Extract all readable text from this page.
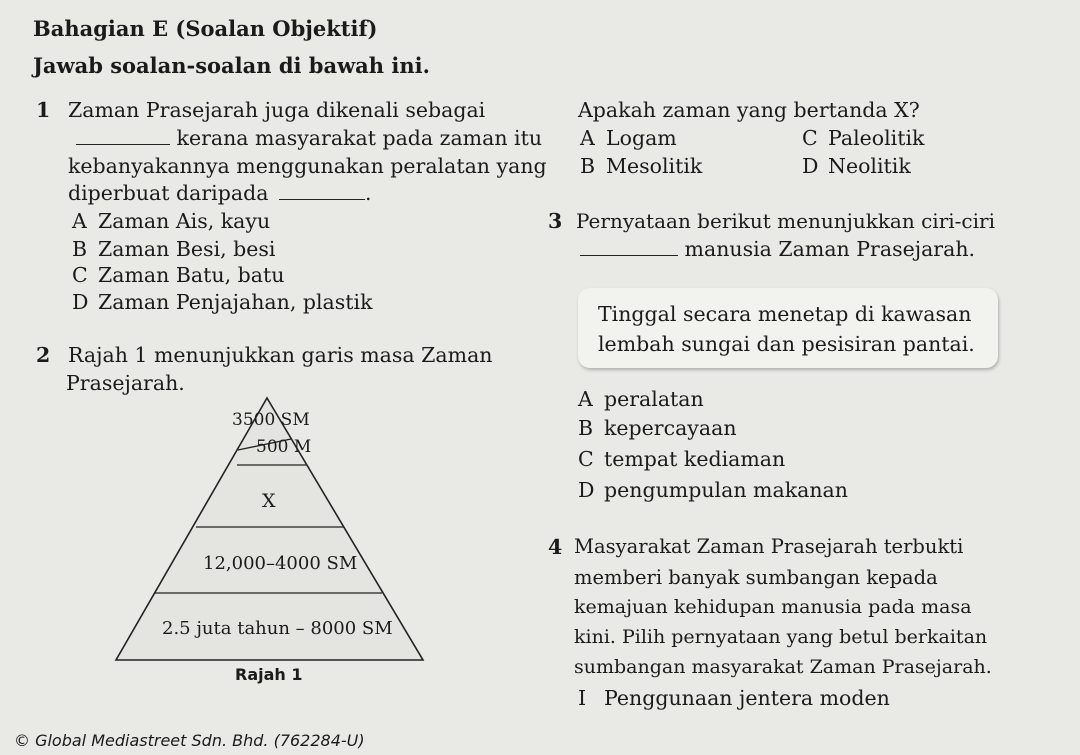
Bahagian E (Soalan Objektif)
Jawab soalan-soalan di bawah ini.
1 Zaman Prasejarah juga dikenali sebagai
kerana masyarakat pada zaman itu
kebanyakannya menggunakan peralatan yang
diperbuat daripada	.
A Zaman Ais, kayu
B Zaman Besi, besi
C Zaman Batu, batu
D Zaman Penjajahan, plastik
2 Rajah 1 menunjukkan garis masa Zaman
Prasejarah.
3500 SM
500 M
X
12,000–4000 SM
2.5 juta tahun – 8000 SM
Rajah 1
Apakah zaman yang bertanda X?
A Logam
B Mesolitik
C Paleolitik
D Neolitik
3 Pernyataan berikut menunjukkan ciri-ciri
manusia Zaman Prasejarah.
Tinggal secara menetap di kawasan
lembah sungai dan pesisiran pantai.
A peralatan
B kepercayaan
C tempat kediaman
D pengumpulan makanan
4 Masyarakat Zaman Prasejarah terbukti
memberi banyak sumbangan kepada
kemajuan kehidupan manusia pada masa
kini. Pilih pernyataan yang betul berkaitan
sumbangan masyarakat Zaman Prasejarah.
I Penggunaan jentera moden
© Global Mediastreet Sdn. Bhd. (762284-U)
